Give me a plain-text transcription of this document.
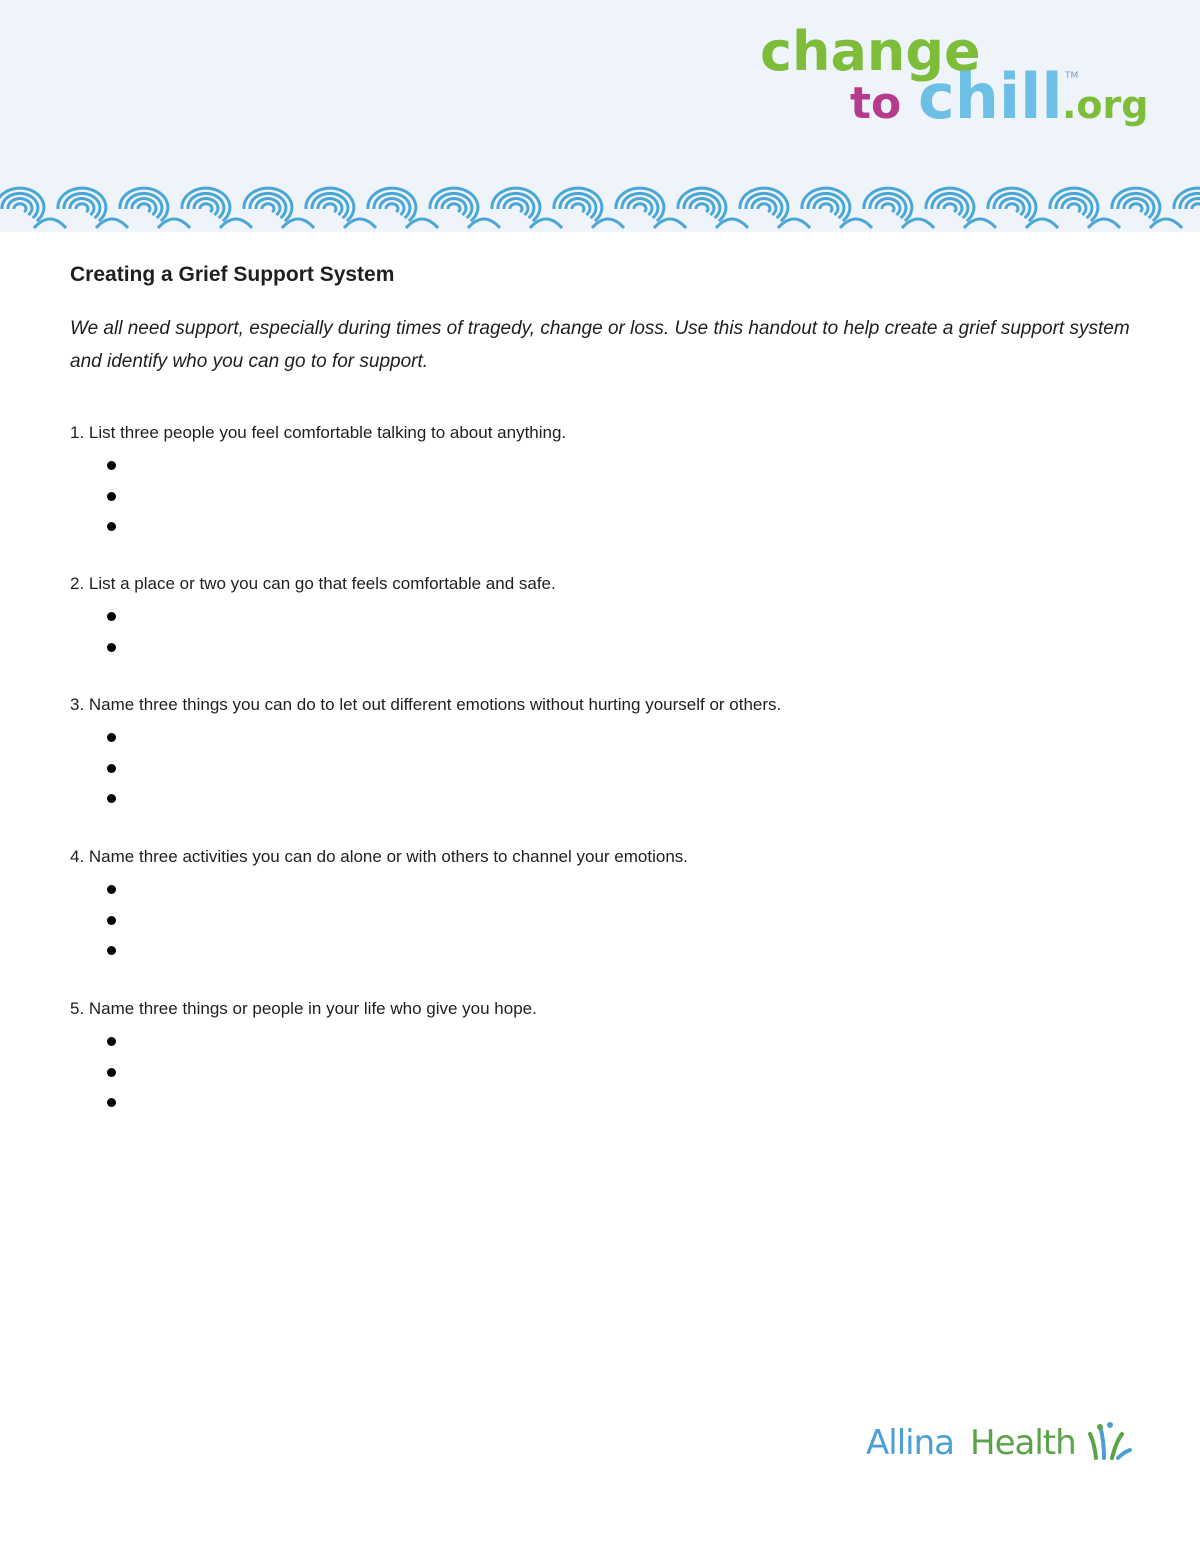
change
to chill .org
TM
Creating a Grief Support System

We all need support, especially during times of tragedy, change or loss. Use this handout to help create a grief support system and identify who you can go to for support.

1. List three people you feel comfortable talking to about anything.

2. List a place or two you can go that feels comfortable and safe.

3. Name three things you can do to let out different emotions without hurting yourself or others.

4. Name three activities you can do alone or with others to channel your emotions.

5. Name three things or people in your life who give you hope.

Allina Health
